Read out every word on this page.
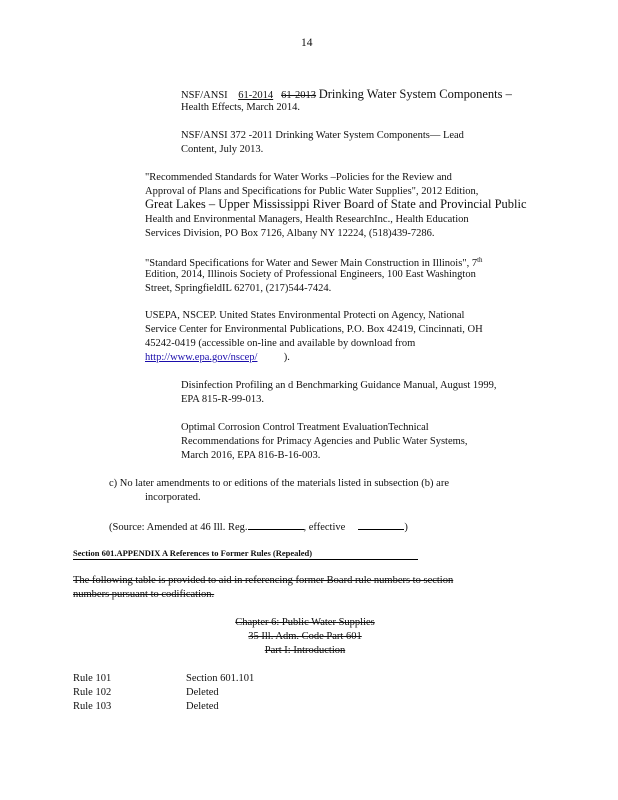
14
NSF/ANSI 61-2014 61-2013 Drinking Water System Components –
Health Effects, March 2014.
NSF/ANSI 372 -2011 Drinking Water System Components— Lead
Content, July 2013.
"Recommended Standards for Water Works –Policies for the Review and
Approval of Plans and Specifications for Public Water Supplies", 2012 Edition,
Great Lakes – Upper Mississippi River Board of State and Provincial Public
Health and Environmental Managers, Health ResearchInc., Health Education
Services Division, PO Box 7126, Albany NY 12224, (518)439-7286.
"Standard Specifications for Water and Sewer Main Construction in Illinois", 7th
Edition, 2014, Illinois Society of Professional Engineers, 100 East Washington
Street, SpringfieldIL 62701, (217)544-7424.
USEPA, NSCEP. United States Environmental Protecti on Agency, National
Service Center for Environmental Publications, P.O. Box 42419, Cincinnati, OH
45242-0419 (accessible on-line and available by download from
http://www.epa.gov/nscep/	).
Disinfection Profiling an d Benchmarking Guidance Manual, August 1999,
EPA 815-R-99-013.
Optimal Corrosion Control Treatment EvaluationTechnical
Recommendations for Primacy Agencies and Public Water Systems,
March 2016, EPA 816-B-16-003.
c) No later amendments to or editions of the materials listed in subsection (b) are
incorporated.
(Source: Amended at 46 Ill. Reg.	, effective	)
Section 601.APPENDIX A References to Former Rules (Repealed)
The following table is provided to aid in referencing former Board rule numbers to section
numbers pursuant to codification.
Chapter 6: Public Water Supplies
35 Ill. Adm. Code Part 601
Part I: Introduction
Rule 101	Section 601.101
Rule 102	Deleted
Rule 103	Deleted
